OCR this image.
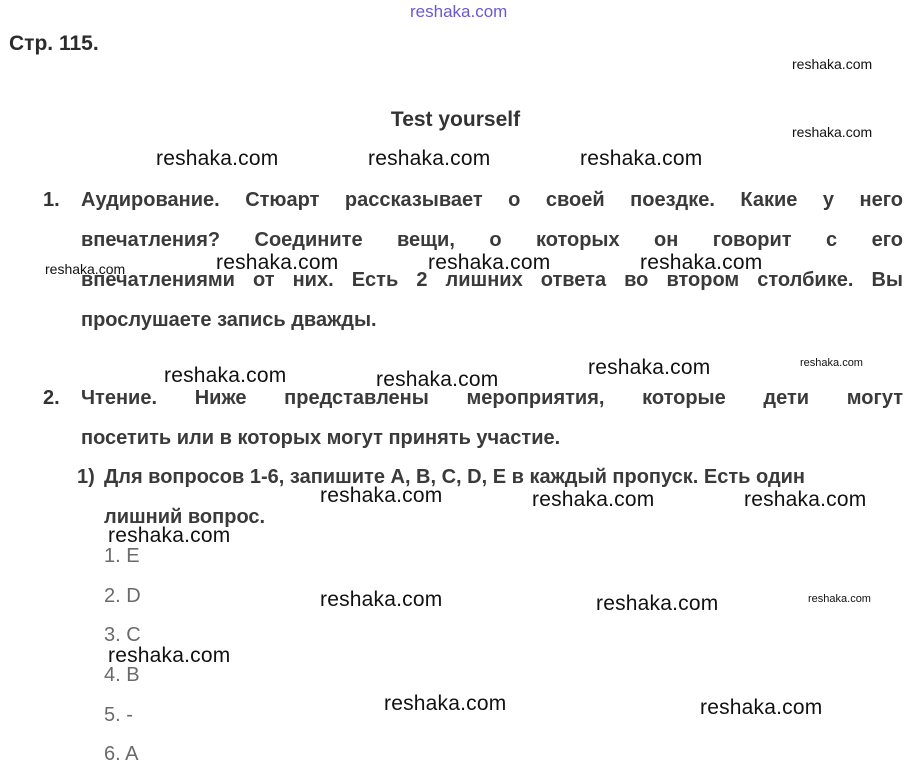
Стр. 115.
Test yourself
1. Аудирование. Стюарт рассказывает о своей поездке. Какие у него
впечатления? Соедините вещи, о которых он говорит с его
впечатлениями от них. Есть 2 лишних ответа во втором столбике. Вы
прослушаете запись дважды.
2. Чтение. Ниже представлены мероприятия, которые дети могут
посетить или в которых могут принять участие.
1) Для вопросов 1-6, запишите A, B, C, D, E в каждый пропуск. Есть один
лишний вопрос.
1. E
2. D
3. C
4. B
5. -
6. A
reshaka.com
reshaka.com
reshaka.com
reshaka.com	reshaka.com	reshaka.com
reshaka.com	reshaka.com	reshaka.com	reshaka.com
reshaka.com	reshaka.com
reshaka.com	reshaka.com
reshaka.com	reshaka.com	reshaka.com
reshaka.com
reshaka.com	reshaka.com	reshaka.com
reshaka.com
reshaka.com	reshaka.com
